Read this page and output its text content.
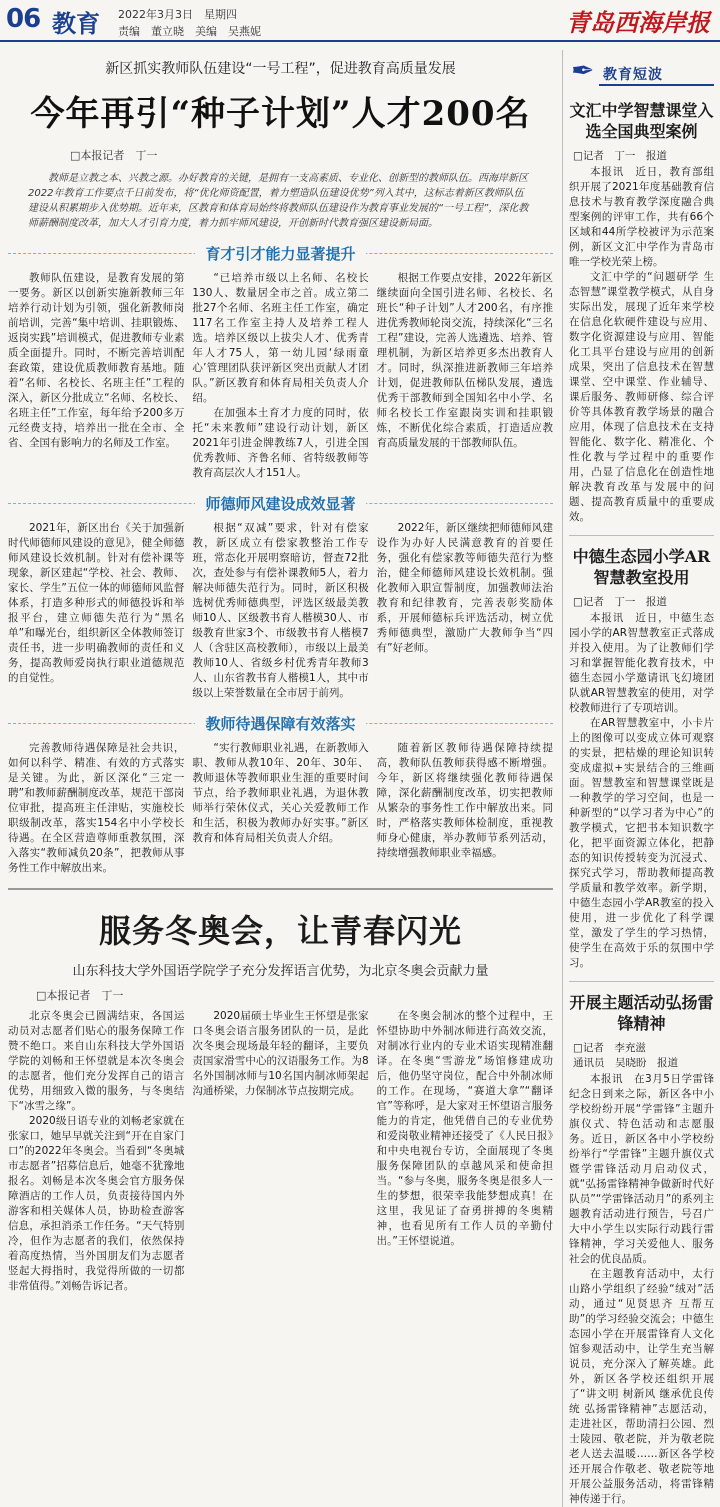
06 教育 2022年3月3日　星期四
责编　董立晓　美编　吴燕妮	青岛西海岸报
新区抓实教师队伍建设“一号工程”，促进教育高质量发展
今年再引“种子计划”人才200名
□本报记者　丁一
教师是立教之本、兴教之源。办好教育的关键，是拥有一支高素质、专业化、创新型的教师队伍。西海岸新区2022年教育工作要点千日前发布，将“优化师资配置，着力塑造队伍建设优势”列入其中，这标志着新区教师队伍建设从积累期步入优势期。近年来，区教育和体育局始终将教师队伍建设作为教育事业发展的“一号工程”，深化教师薪酬制度改革，加大人才引育力度，着力抓牢师风建设，开创新时代教育强区建设新局面。
育才引才能力显著提升

教师队伍建设，是教育发展的第一要务。新区以创新实施新教师三年培养行动计划为引领，强化新教师岗前培训，完善“集中培训、挂职锻炼、返岗实践”培训模式，促进教师专业素质全面提升。同时，不断完善培训配套政策，建设优质教师教育基地。随着“名师、名校长、名班主任”工程的深入，新区分批成立“名师、名校长、名班主任”工作室，每年给予200多万元经费支持，培养出一批在全市、全省、全国有影响力的名师及工作室。

“已培养市级以上名师、名校长130人、数量居全市之首。成立第二批27个名师、名班主任工作室，确定117名工作室主持人及培养工程人选。培养区级以上拔尖人才、优秀青年人才75人，第一幼儿园‘绿雨童心’管理团队获评新区突出贡献人才团队。”新区教育和体育局相关负责人介绍。

在加强本土育才力度的同时，依托“未来教师”建设行动计划，新区2021年引进金牌教练7人，引进全国优秀教师、齐鲁名师、省特级教师等教育高层次人才151人。

根据工作要点安排，2022年新区继续面向全国引进名师、名校长、名班长“种子计划”人才200名，有序推进优秀教师轮岗交流，持续深化“三名工程”建设，完善人选遴选、培养、管理机制，为新区培养更多杰出教育人才。同时，纵深推进新教师三年培养计划，促进教师队伍梯队发展，遴选优秀干部教师到全国知名中小学、名师名校长工作室跟岗实训和挂职锻炼，不断优化综合素质，打造适应教育高质量发展的干部教师队伍。

师德师风建设成效显著

2021年，新区出台《关于加强新时代师德师风建设的意见》，健全师德师风建设长效机制。针对有偿补课等现象，新区建起“学校、社会、教师、家长、学生”五位一体的师德师风监督体系，打造多种形式的师德投诉和举报平台，建立师德失范行为“黑名单”和曝光台，组织新区全体教师签订责任书，进一步明确教师的责任和义务，提高教师爱岗执行职业道德规范的自觉性。

根据“双减”要求，针对有偿家教，新区成立有偿家教整治工作专班，常态化开展明察暗访，督查72批次，查处参与有偿补课教师5人，着力解决师德失范行为。同时，新区积极选树优秀师德典型，评选区级最美教师10人、区级教书育人楷模30人、市级教育世家3个、市级教书育人楷模7人（含驻区高校教师），市级以上最美教师10人、省级乡村优秀青年教师3人、山东省教书育人楷模1人，其中市级以上荣誉数量在全市居于前列。

2022年，新区继续把师德师风建设作为办好人民满意教育的首要任务，强化有偿家教等师德失范行为整治，健全师德师风建设长效机制。强化教师入职宣誓制度，加强教师法治教育和纪律教育，完善表彰奖励体系，开展师德标兵评选活动，树立优秀师德典型，激励广大教师争当“四有”好老师。

教师待遇保障有效落实

完善教师待遇保障是社会共识，如何以科学、精准、有效的方式落实是关键。为此，新区深化“三定一聘”和教师薪酬制度改革，规范干部岗位审批，提高班主任津贴，实施校长职级制改革，落实154名中小学校长待遇。在全区营造尊师重教氛围，深入落实“教师减负20条”，把教师从事务性工作中解放出来。

“实行教师职业礼遇，在新教师入职、教师从教10年、20年、30年、教师退休等教师职业生涯的重要时间节点，给予教师职业礼遇，为退休教师举行荣休仪式，关心关爱教师工作和生活，积极为教师办好实事。”新区教育和体育局相关负责人介绍。

随着新区教师待遇保障持续提高，教师队伍教师获得感不断增强。今年，新区将继续强化教师待遇保障，深化薪酬制度改革，切实把教师从繁杂的事务性工作中解放出来。同时，严格落实教师体检制度，重视教师身心健康，举办教师节系列活动，持续增强教师职业幸福感。

服务冬奥会，让青春闪光
山东科技大学外国语学院学子充分发挥语言优势，为北京冬奥会贡献力量
□本报记者　丁一

北京冬奥会已圆满结束，各国运动员对志愿者们贴心的服务保障工作赞不绝口。来自山东科技大学外国语学院的刘畅和王怀望就是本次冬奥会的志愿者，他们充分发挥自己的语言优势，用细致入微的服务，与冬奥结下“冰雪之缘”。

2020级日语专业的刘畅老家就在张家口，她早早就关注到“开在自家门口”的2022年冬奥会。当看到“冬奥城市志愿者”招募信息后，她毫不犹豫地报名。刘畅是本次冬奥会官方服务保障酒店的工作人员，负责接待国内外游客和相关媒体人员，协助检查游客信息，承担消杀工作任务。“天气特别冷，但作为志愿者的我们，依然保持着高度热情，当外国朋友们为志愿者竖起大拇指时，我觉得所做的一切都非常值得。”刘畅告诉记者。

2020届硕士毕业生王怀望是张家口冬奥会语言服务团队的一员，是此次冬奥会现场最年轻的翻译，主要负责国家滑雪中心的汉语服务工作。为8名外国制冰师与10名国内制冰师架起沟通桥梁，力保制冰节点按期完成。

在冬奥会制冰的整个过程中，王怀望协助中外制冰师进行高效交流，对制冰行业内的专业术语实现精准翻译。在冬奥“雪游龙”场馆修建成功后，他仍坚守岗位，配合中外制冰师的工作。在现场，“赛道大拿”“翻译官”等称呼，是大家对王怀望语言服务能力的肯定，他凭借自己的专业优势和爱岗敬业精神还接受了《人民日报》和中央电视台专访，全面展现了冬奥服务保障团队的卓越风采和使命担当。“参与冬奥，服务冬奥是很多人一生的梦想，很荣幸我能梦想成真！在这里，我见证了奋勇拼搏的冬奥精神，也看见所有工作人员的辛勤付出。”王怀望说道。

✒ 教育短波
文汇中学智慧课堂入选全国典型案例
□记者　丁一　报道

本报讯　近日，教育部组织开展了2021年度基础教育信息技术与教育教学深度融合典型案例的评审工作，共有66个区域和44所学校被评为示范案例，新区文汇中学作为青岛市唯一学校光荣上榜。

文汇中学的“问题研学 生态智慧”课堂教学模式，从自身实际出发，展现了近年来学校在信息化软硬件建设与应用、数字化资源建设与应用、智能化工具平台建设与应用的创新成果，突出了信息技术在智慧课堂、空中课堂、作业辅导、课后服务、教师研修、综合评价等具体教育教学场景的融合应用，体现了信息技术在支持智能化、数字化、精准化、个性化教与学过程中的重要作用，凸显了信息化在创造性地解决教育改革与发展中的问题、提高教育质量中的重要成效。

中德生态园小学AR智慧教室投用
□记者　丁一　报道

本报讯　近日，中德生态园小学的AR智慧教室正式落成并投入使用。为了让教师们学习和掌握智能化教育技术，中德生态园小学邀请讯飞幻境团队就AR智慧教室的使用，对学校教师进行了专项培训。

在AR智慧教室中，小卡片上的图像可以变成立体可观察的实景，把枯燥的理论知识转变成虚拟+实景结合的三维画面。智慧教室和智慧课堂既是一种教学的学习空间，也是一种新型的“以学习者为中心”的教学模式，它把书本知识数字化，把平面资源立体化，把静态的知识传授转变为沉浸式、探究式学习，帮助教师提高教学质量和教学效率。新学期，中德生态园小学AR教室的投入使用，进一步优化了科学课堂，激发了学生的学习热情，使学生在高效于乐的氛围中学习。

开展主题活动弘扬雷锋精神
□记者　李充滋
通讯员　吴晓盼　报道

本报讯　在3月5日学雷锋纪念日到来之际，新区各中小学校纷纷开展“学雷锋”主题升旗仪式、特色活动和志愿服务。近日，新区各中小学校纷纷举行“学雷锋”主题升旗仪式暨学雷锋活动月启动仪式，就“弘扬雷锋精神争做新时代好队员”“学雷锋活动月”的系列主题教育活动进行预告，号召广大中小学生以实际行动践行雷锋精神，学习关爱他人、服务社会的优良品质。

在主题教育活动中，太行山路小学组织了经验“绒对”活动，通过“见贤思齐 互帮互助”的学习经验交流会；中德生态园小学在开展雷锋育人文化馆参观活动中，让学生充当解说员，充分深入了解英雄。此外，新区各学校还组织开展了“讲文明 树新风 继承优良传统 弘扬雷锋精神”志愿活动，走进社区，帮助清扫公园、烈士陵园、敬老院，并为敬老院老人送去温暖……新区各学校还开展合作敬老、敬老院等地开展公益服务活动，将雷锋精神传递于行。
